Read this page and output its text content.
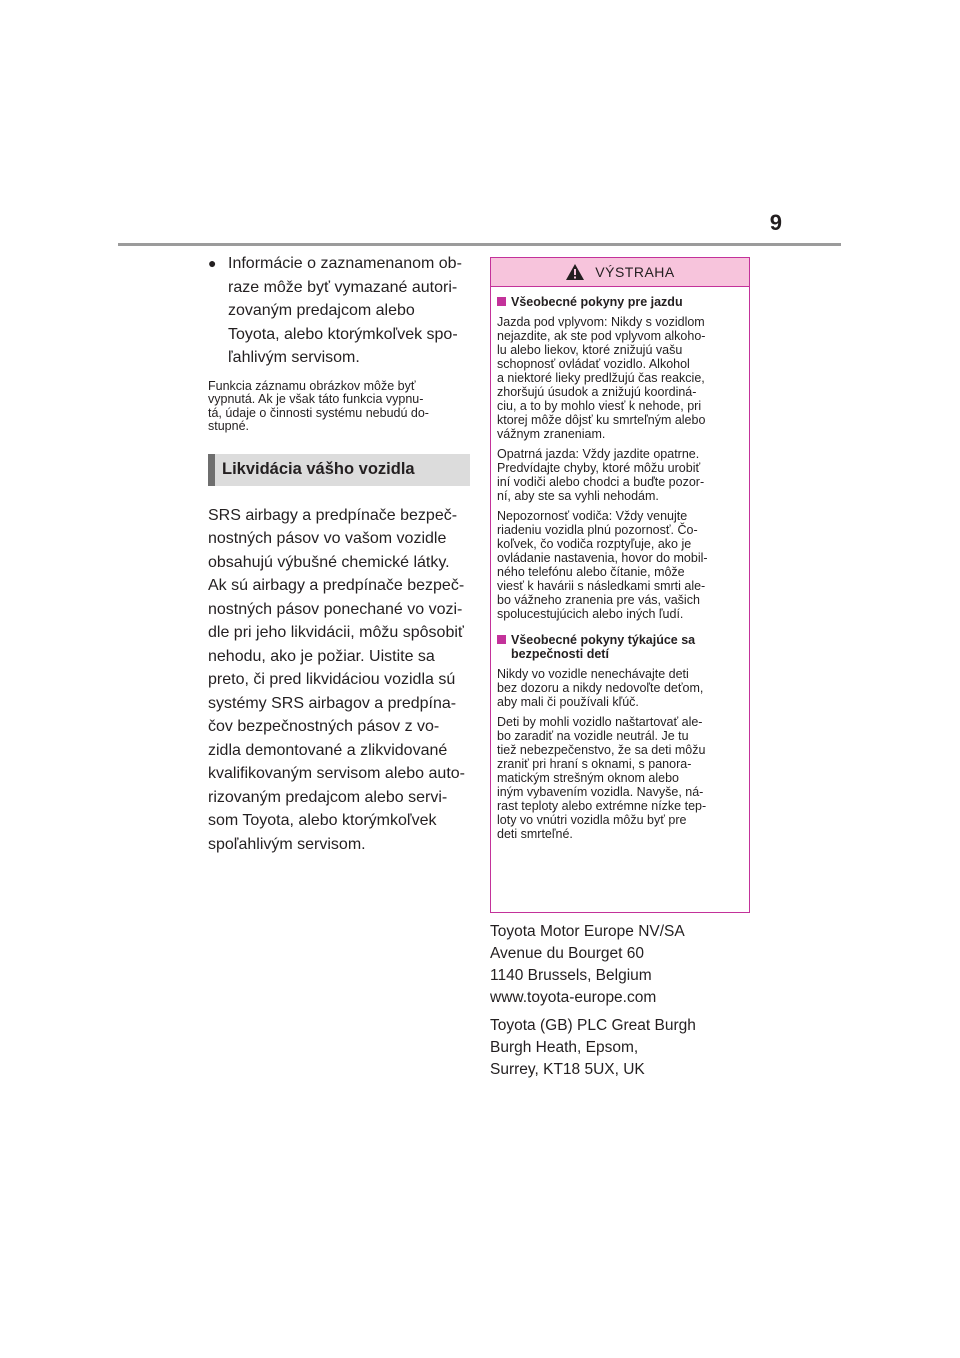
9
● Informácie o zaznamenanom ob-
raze môže byť vymazané autori-
zovaným predajcom alebo
Toyota, alebo ktorýmkoľvek spo-
ľahlivým servisom.
Funkcia záznamu obrázkov môže byť
vypnutá. Ak je však táto funkcia vypnu-
tá, údaje o činnosti systému nebudú do-
stupné.
Likvidácia vášho vozidla
SRS airbagy a predpínače bezpeč-
nostných pásov vo vašom vozidle
obsahujú výbušné chemické látky.
Ak sú airbagy a predpínače bezpeč-
nostných pásov ponechané vo vozi-
dle pri jeho likvidácii, môžu spôsobiť
nehodu, ako je požiar. Uistite sa
preto, či pred likvidáciou vozidla sú
systémy SRS airbagov a predpína-
čov bezpečnostných pásov z vo-
zidla demontované a zlikvidované
kvalifikovaným servisom alebo auto-
rizovaným predajcom alebo servi-
som Toyota, alebo ktorýmkoľvek
spoľahlivým servisom.
VÝSTRAHA
Všeobecné pokyny pre jazdu
Jazda pod vplyvom: Nikdy s vozidlom
nejazdite, ak ste pod vplyvom alkoho-
lu alebo liekov, ktoré znižujú vašu
schopnosť ovládať vozidlo. Alkohol
a niektoré lieky predlžujú čas reakcie,
zhoršujú úsudok a znižujú koordiná-
ciu, a to by mohlo viesť k nehode, pri
ktorej môže dôjsť ku smrteľným alebo
vážnym zraneniam.
Opatrná jazda: Vždy jazdite opatrne.
Predvídajte chyby, ktoré môžu urobiť
iní vodiči alebo chodci a buďte pozor-
ní, aby ste sa vyhli nehodám.
Nepozornosť vodiča: Vždy venujte
riadeniu vozidla plnú pozornosť. Čo-
koľvek, čo vodiča rozptyľuje, ako je
ovládanie nastavenia, hovor do mobil-
ného telefónu alebo čítanie, môže
viesť k havárii s následkami smrti ale-
bo vážneho zranenia pre vás, vašich
spolucestujúcich alebo iných ľudí.
Všeobecné pokyny týkajúce sa
bezpečnosti detí
Nikdy vo vozidle nenechávajte deti
bez dozoru a nikdy nedovoľte deťom,
aby mali či používali kľúč.
Deti by mohli vozidlo naštartovať ale-
bo zaradiť na vozidle neutrál. Je tu
tiež nebezpečenstvo, že sa deti môžu
zraniť pri hraní s oknami, s panora-
matickým strešným oknom alebo
iným vybavením vozidla. Navyše, ná-
rast teploty alebo extrémne nízke tep-
loty vo vnútri vozidla môžu byť pre
deti smrteľné.
Toyota Motor Europe NV/SA
Avenue du Bourget 60
1140 Brussels, Belgium
www.toyota-europe.com
Toyota (GB) PLC Great Burgh
Burgh Heath, Epsom,
Surrey, KT18 5UX, UK
